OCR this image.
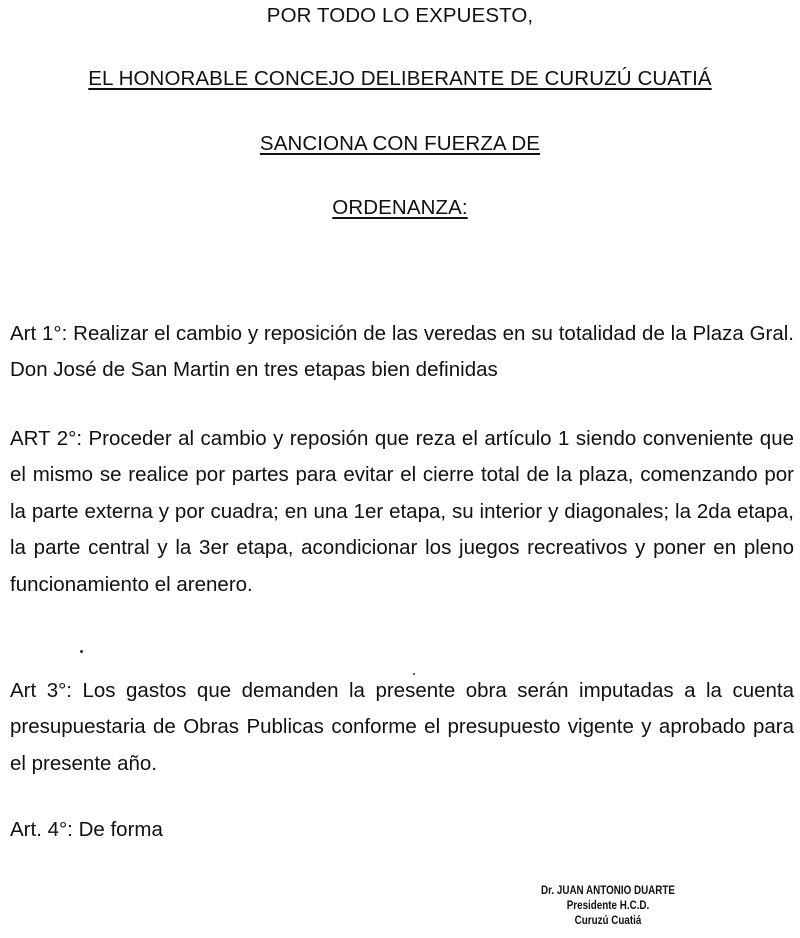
POR TODO LO EXPUESTO,
EL HONORABLE CONCEJO DELIBERANTE DE CURUZÚ CUATIÁ
SANCIONA CON FUERZA DE
ORDENANZA:

Art 1°: Realizar el cambio y reposición de las veredas en su totalidad de la Plaza Gral. Don José de San Martin en tres etapas bien definidas

ART 2°: Proceder al cambio y reposión que reza el artículo 1 siendo conveniente que el mismo se realice por partes para evitar el cierre total de la plaza, comenzando por la parte externa y por cuadra; en una 1er etapa, su interior y diagonales; la 2da etapa, la parte central y la 3er etapa, acondicionar los juegos recreativos y poner en pleno funcionamiento el arenero.

Art 3°: Los gastos que demanden la presente obra serán imputadas a la cuenta presupuestaria de Obras Publicas conforme el presupuesto vigente y aprobado para el presente año.

Art. 4°: De forma

Dr. JUAN ANTONIO DUARTE
Presidente H.C.D.
Curuzú Cuatiá
